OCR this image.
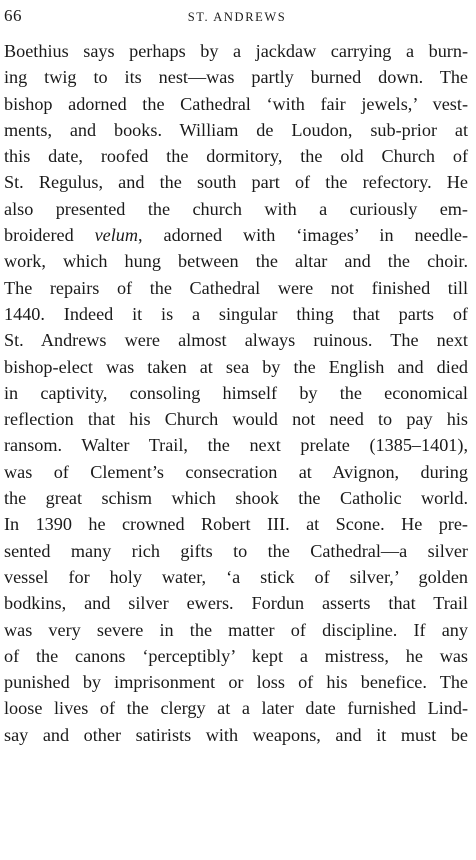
66	ST. ANDREWS
Boethius says perhaps by a jackdaw carrying a burn-
ing twig to its nest—was partly burned down. The
bishop adorned the Cathedral ‘with fair jewels,’ vest-
ments, and books. William de Loudon, sub-prior at
this date, roofed the dormitory, the old Church of
St. Regulus, and the south part of the refectory. He
also presented the church with a curiously em-
broidered velum, adorned with ‘images’ in needle-
work, which hung between the altar and the choir.
The repairs of the Cathedral were not finished till
1440. Indeed it is a singular thing that parts of
St. Andrews were almost always ruinous. The next
bishop-elect was taken at sea by the English and died
in captivity, consoling himself by the economical
reflection that his Church would not need to pay his
ransom. Walter Trail, the next prelate (1385–1401),
was of Clement’s consecration at Avignon, during
the great schism which shook the Catholic world.
In 1390 he crowned Robert III. at Scone. He pre-
sented many rich gifts to the Cathedral—a silver
vessel for holy water, ‘a stick of silver,’ golden
bodkins, and silver ewers. Fordun asserts that Trail
was very severe in the matter of discipline. If any
of the canons ‘perceptibly’ kept a mistress, he was
punished by imprisonment or loss of his benefice. The
loose lives of the clergy at a later date furnished Lind-
say and other satirists with weapons, and it must be
